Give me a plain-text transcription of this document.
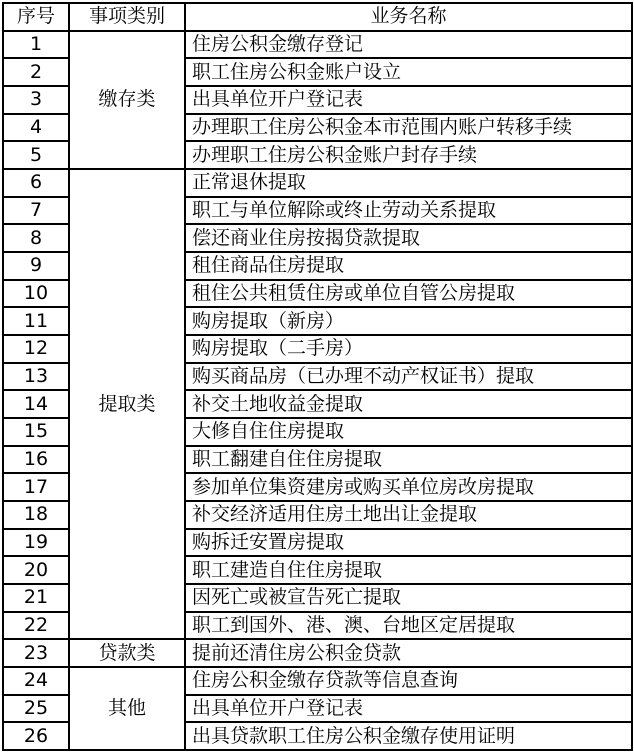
序号	事项类别	业务名称
1	缴存类	住房公积金缴存登记
2		职工住房公积金账户设立
3		出具单位开户登记表
4		办理职工住房公积金本市范围内账户转移手续
5		办理职工住房公积金账户封存手续
6	提取类	正常退休提取
7		职工与单位解除或终止劳动关系提取
8		偿还商业住房按揭贷款提取
9		租住商品住房提取
10		租住公共租赁住房或单位自管公房提取
11		购房提取（新房）
12		购房提取（二手房）
13		购买商品房（已办理不动产权证书）提取
14		补交土地收益金提取
15		大修自住住房提取
16		职工翻建自住住房提取
17		参加单位集资建房或购买单位房改房提取
18		补交经济适用住房土地出让金提取
19		购拆迁安置房提取
20		职工建造自住住房提取
21		因死亡或被宣告死亡提取
22		职工到国外、港、澳、台地区定居提取
23	贷款类	提前还清住房公积金贷款
24	其他	住房公积金缴存贷款等信息查询
25		出具单位开户登记表
26		出具贷款职工住房公积金缴存使用证明
